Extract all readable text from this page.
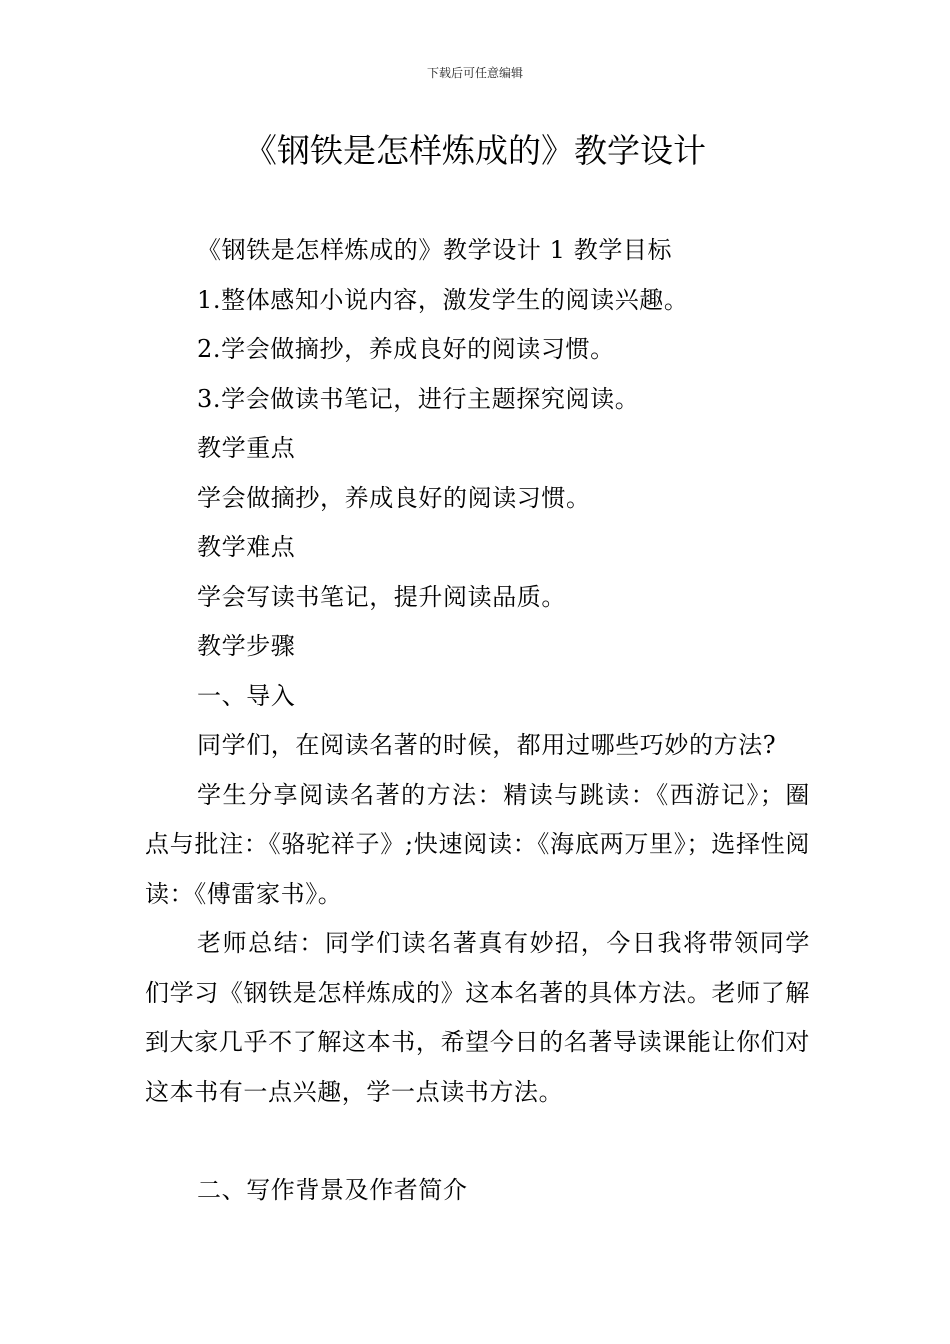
下载后可任意编辑
《钢铁是怎样炼成的》教学设计

《钢铁是怎样炼成的》教学设计 1 教学目标

1.整体感知小说内容，激发学生的阅读兴趣。

2.学会做摘抄，养成良好的阅读习惯。

3.学会做读书笔记，进行主题探究阅读。

教学重点

学会做摘抄，养成良好的阅读习惯。

教学难点

学会写读书笔记，提升阅读品质。

教学步骤

一、导入

同学们，在阅读名著的时候，都用过哪些巧妙的方法?

学生分享阅读名著的方法：精读与跳读：《西游记》；圈点与批注：《骆驼祥子》;快速阅读：《海底两万里》；选择性阅读：《傅雷家书》。

老师总结：同学们读名著真有妙招，今日我将带领同学们学习《钢铁是怎样炼成的》这本名著的具体方法。老师了解到大家几乎不了解这本书，希望今日的名著导读课能让你们对这本书有一点兴趣，学一点读书方法。

二、写作背景及作者简介
